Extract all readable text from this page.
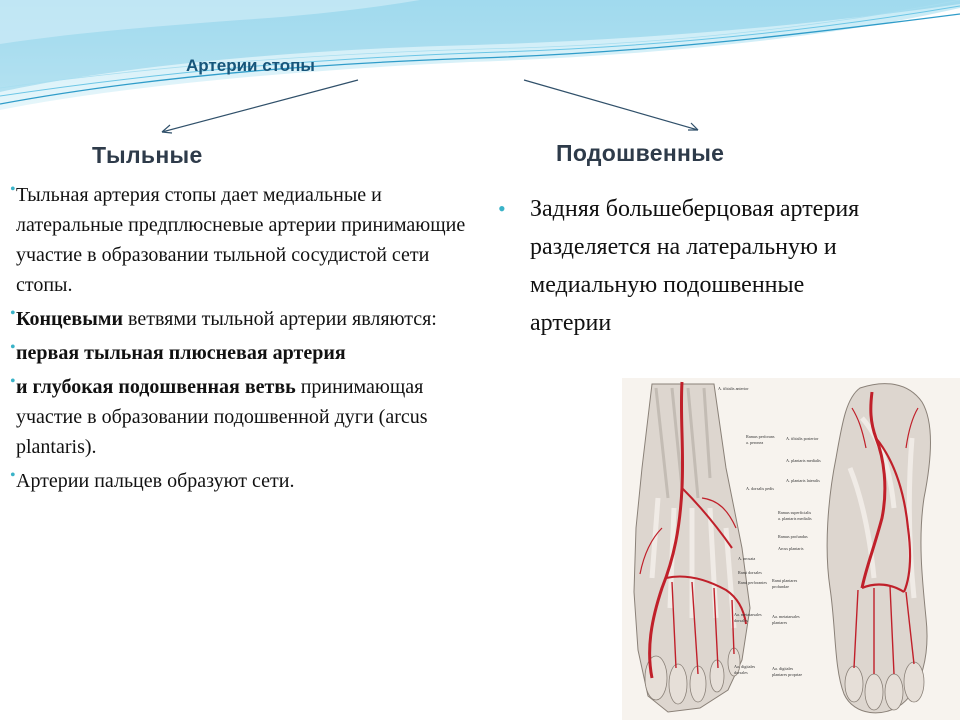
Артерии стопы
Тыльные	Подошвенные
• Тыльная артерия стопы дает медиальные и латеральные предплюсневые артерии принимающие участие в образовании тыльной сосудистой сети стопы.
• Концевыми ветвями тыльной артерии являются:
• первая тыльная плюсневая артерия
• и глубокая подошвенная ветвь принимающая участие в образовании подошвенной дуги (arcus plantaris).
• Артерии пальцев образуют сети.
• Задняя большеберцовая артерия разделяется на латеральную и медиальную подошвенные артерии
A. tibialis anterior
Ramus perforans
a. peronea
A. dorsalis pedis
A. arcuata
Rami dorsales
Rami perforantes
Aa. metatarsales
dorsales
Aa. digitales
dorsales
A. tibialis posterior
A. plantaris medialis
A. plantaris lateralis
Ramus superficialis
a. plantaris medialis
Ramus profundus
Arcus plantaris
Rami plantares
profundae
Aa. metatarsales
plantares
Aa. digitales
plantares propriae
